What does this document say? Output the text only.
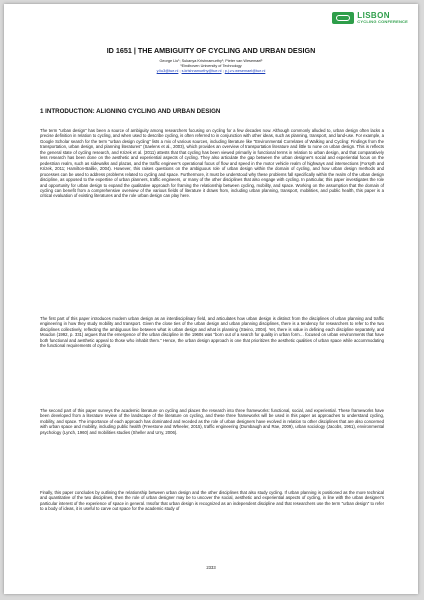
LISBON
CYCLING CONFERENCE
ID 1651 | THE AMBIGUITY OF CYCLING AND URBAN DESIGN
George Liu¹; Sukanya Krishnamurthy¹; Pieter van Wesemael¹
¹Eindhoven University of Technology
y.liu3@tue.nl ; s.krishnamurthy@tue.nl ; p.j.v.v.wesemael@tue.nl
1 INTRODUCTION: ALIGNING CYCLING AND URBAN DESIGN

The term "urban design" has been a source of ambiguity among researchers focusing on cycling for a few decades now. Although commonly alluded to, urban design often lacks a precise definition in relation to cycling, and when used to describe cycling, is often referred to in conjunction with other ideas, such as planning, transport, and land-use. For example, a Google Scholar search for the term "urban design cycling" lists a mix of various sources, including literature like "Environmental Correlates of Walking and Cycling: Findings from the transportation, urban design, and planning literatures" (Saelens et al., 2003), which provides an overview of transportation literature and little to none on urban design. This is reflects the general state of cycling research, and Krizek et al. (2011) attests that that cycling has been viewed primarily in functional terms in relation to urban design, and that comparatively less research has been done on the aesthetic and experiential aspects of cycling. They also articulate the gap between the urban designer's social and experiential focus on the pedestrian realm, such as sidewalks and plazas, and the traffic engineer's operational focus of flow and speed in the motor vehicle realm of highways and intersections (Forsyth and Krizek, 2011; Hamilton-Baillie, 2004). However, this raises questions on the ambiguous role of urban design within the domain of cycling, and how urban design methods and processes can be used to address problems related to cycling and space. Furthermore, it must be understood why these problems fall specifically within the realm of the urban design discipline, as opposed to the expertise of urban planners, traffic engineers, or many of the other disciplines that also engage with cycling. In particular, this paper investigates the role and opportunity for urban design to expand the qualitative approach for framing the relationship between cycling, mobility, and space. Working on the assumption that the domain of cycling can benefit from a comprehensive overview of the various fields of literature it draws from, including urban planning, transport, mobilities, and public health, this paper is a critical evaluation of existing literatures and the role urban design can play here.

The first part of this paper introduces modern urban design as an interdisciplinary field, and articulates how urban design is distinct from the disciplines of urban planning and traffic engineering in how they study mobility and transport. Given the close ties of the urban design and urban planning disciplines, there is a tendency for researchers to refer to the two disciplines collectively, reflecting the ambiguous line between what is urban design and what is planning (Steino, 2004). Yet, there is value in defining each discipline separately, and Moudon (1992, p. 331) argues that the emergence of the urban discipline in the 1960s was "born out of a search for quality in urban form… focused on urban environments that have both functional and aesthetic appeal to those who inhabit them." Hence, the urban design approach is one that prioritizes the aesthetic qualities of urban space while accommodating the functional requirements of cycling.

The second part of this paper surveys the academic literature on cycling and places the research into three frameworks: functional, social, and experiential. These frameworks have been developed from a literature review of the landscape of the literature on cycling, and these three frameworks will be used in this paper as approaches to understand cycling, mobility, and space. The importance of each approach has dominated and receded as the role of urban designers have evolved in relation to other disciplines that are also concerned with urban space and mobility, including public health (Freestone and Wheeler, 2015), traffic engineering (Dumbaugh and Rae, 2009), urban sociology (Jacobs, 1961), environmental psychology (Lynch, 1960) and mobilities studies (Sheller and Urry, 2006).

Finally, this paper concludes by outlining the relationship between urban design and the other disciplines that also study cycling. If urban planning is positioned as the more technical and quantitative of the two disciplines, then the role of urban designer may be to uncover the social, aesthetic and experiential aspects of cycling, in line with the urban designer's particular interest of the experience of space in general. Insofar that urban design is recognized as an independent discipline and that researchers use the term "urban design" to refer to a body of ideas, it is useful to carve out space for the academic study of

2333
